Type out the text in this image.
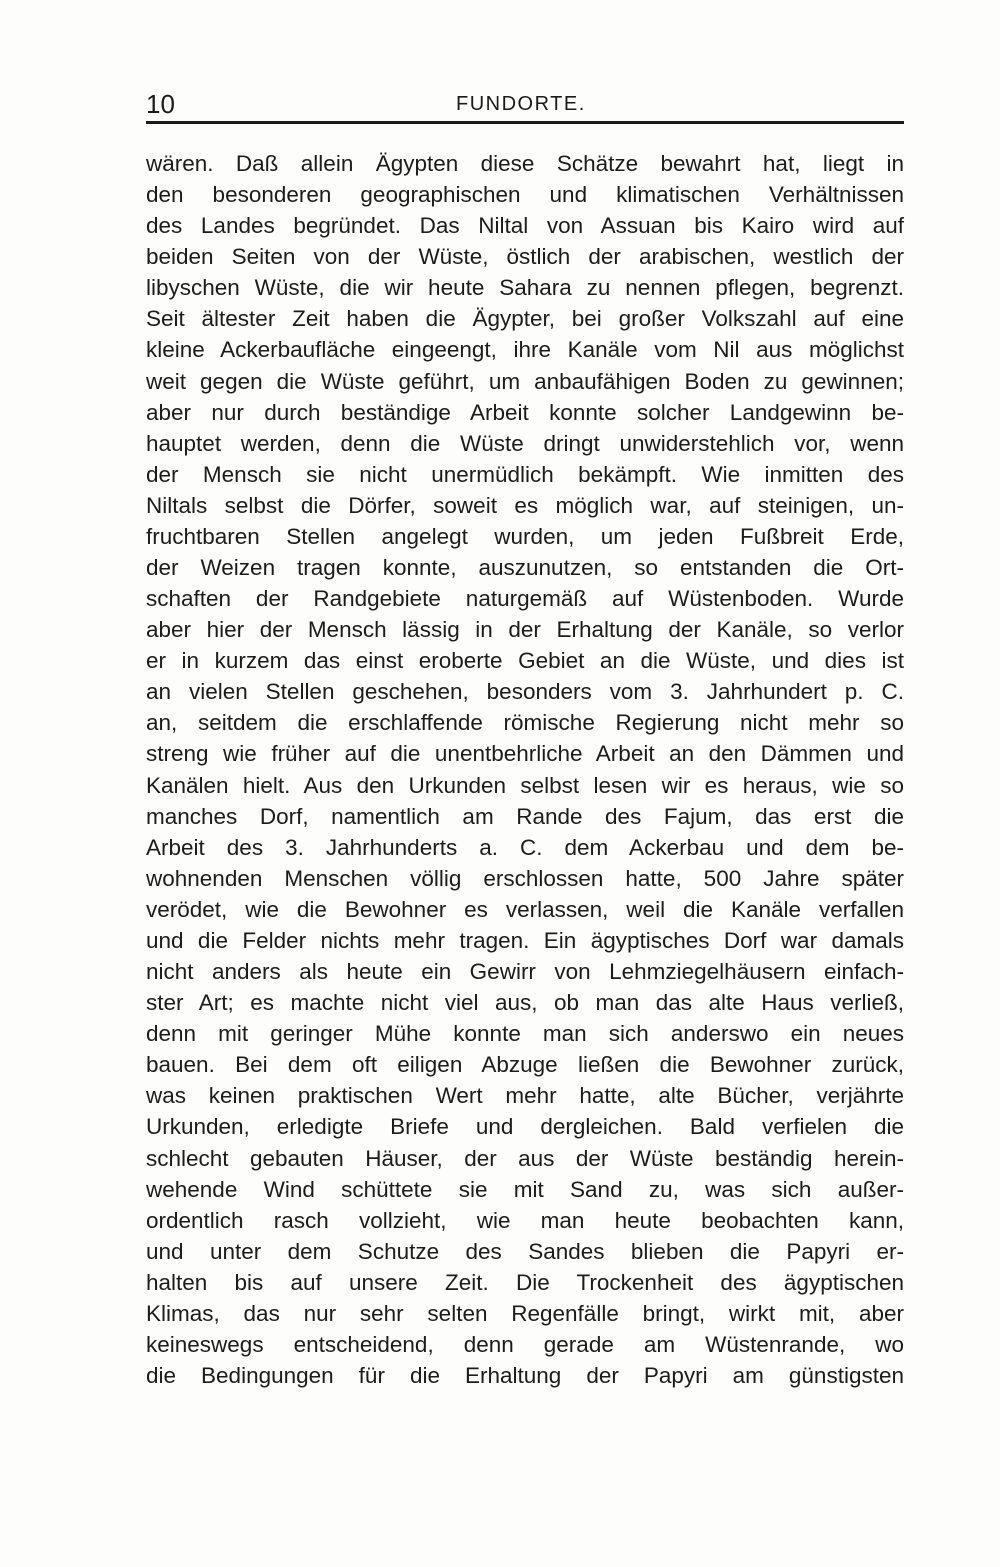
10	FUNDORTE.
wären. Daß allein Ägypten diese Schätze bewahrt hat, liegt in
den besonderen geographischen und klimatischen Verhältnissen
des Landes begründet. Das Niltal von Assuan bis Kairo wird auf
beiden Seiten von der Wüste, östlich der arabischen, westlich der
libyschen Wüste, die wir heute Sahara zu nennen pflegen, begrenzt.
Seit ältester Zeit haben die Ägypter, bei großer Volkszahl auf eine
kleine Ackerbaufläche eingeengt, ihre Kanäle vom Nil aus möglichst
weit gegen die Wüste geführt, um anbaufähigen Boden zu gewinnen;
aber nur durch beständige Arbeit konnte solcher Landgewinn be-
hauptet werden, denn die Wüste dringt unwiderstehlich vor, wenn
der Mensch sie nicht unermüdlich bekämpft. Wie inmitten des
Niltals selbst die Dörfer, soweit es möglich war, auf steinigen, un-
fruchtbaren Stellen angelegt wurden, um jeden Fußbreit Erde,
der Weizen tragen konnte, auszunutzen, so entstanden die Ort-
schaften der Randgebiete naturgemäß auf Wüstenboden. Wurde
aber hier der Mensch lässig in der Erhaltung der Kanäle, so verlor
er in kurzem das einst eroberte Gebiet an die Wüste, und dies ist
an vielen Stellen geschehen, besonders vom 3. Jahrhundert p. C.
an, seitdem die erschlaffende römische Regierung nicht mehr so
streng wie früher auf die unentbehrliche Arbeit an den Dämmen und
Kanälen hielt. Aus den Urkunden selbst lesen wir es heraus, wie so
manches Dorf, namentlich am Rande des Fajum, das erst die
Arbeit des 3. Jahrhunderts a. C. dem Ackerbau und dem be-
wohnenden Menschen völlig erschlossen hatte, 500 Jahre später
verödet, wie die Bewohner es verlassen, weil die Kanäle verfallen
und die Felder nichts mehr tragen. Ein ägyptisches Dorf war damals
nicht anders als heute ein Gewirr von Lehmziegelhäusern einfach-
ster Art; es machte nicht viel aus, ob man das alte Haus verließ,
denn mit geringer Mühe konnte man sich anderswo ein neues
bauen. Bei dem oft eiligen Abzuge ließen die Bewohner zurück,
was keinen praktischen Wert mehr hatte, alte Bücher, verjährte
Urkunden, erledigte Briefe und dergleichen. Bald verfielen die
schlecht gebauten Häuser, der aus der Wüste beständig herein-
wehende Wind schüttete sie mit Sand zu, was sich außer-
ordentlich rasch vollzieht, wie man heute beobachten kann,
und unter dem Schutze des Sandes blieben die Papyri er-
halten bis auf unsere Zeit. Die Trockenheit des ägyptischen
Klimas, das nur sehr selten Regenfälle bringt, wirkt mit, aber
keineswegs entscheidend, denn gerade am Wüstenrande, wo
die Bedingungen für die Erhaltung der Papyri am günstigsten
